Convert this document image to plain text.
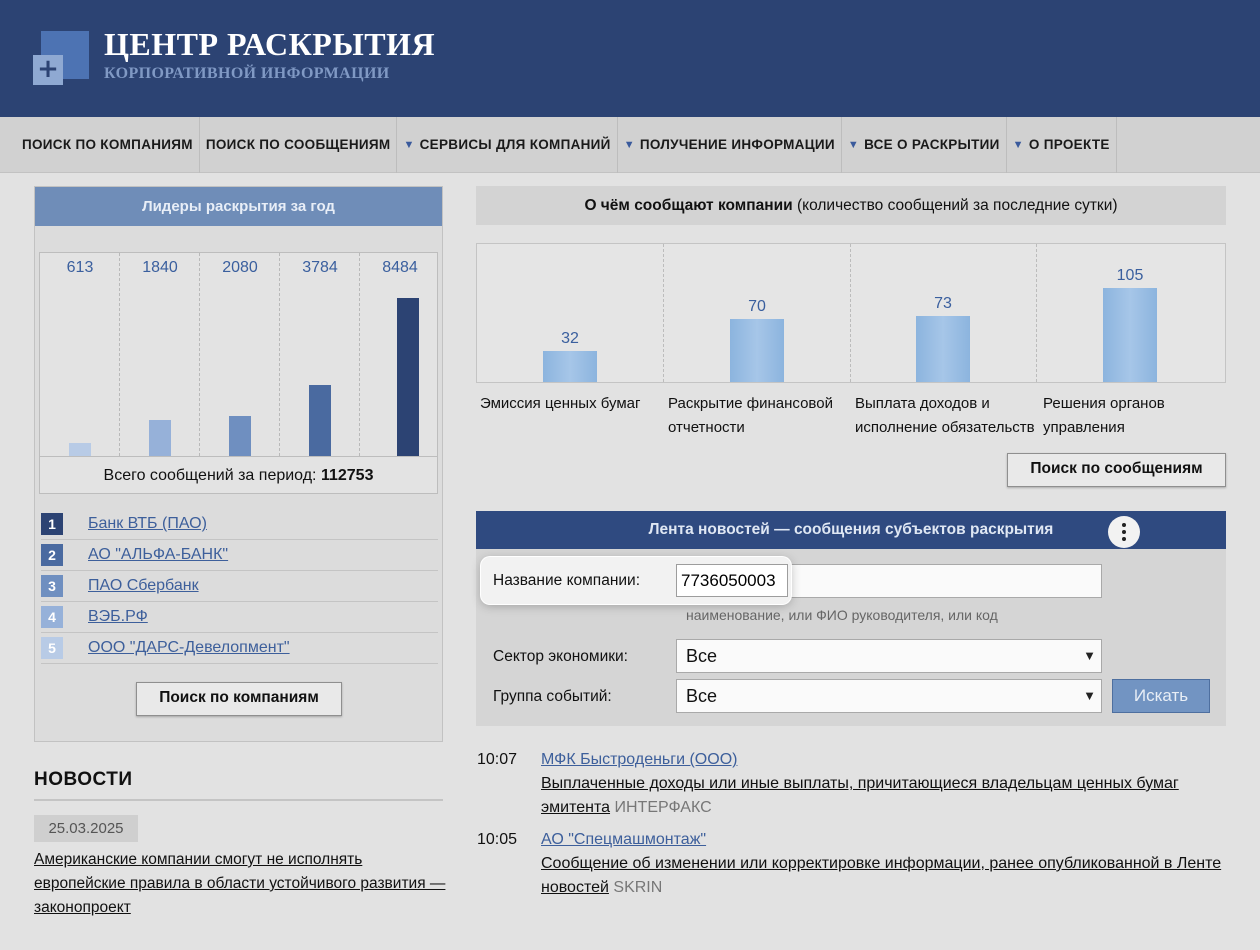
+
ЦЕНТР РАСКРЫТИЯ
КОРПОРАТИВНОЙ ИНФОРМАЦИИ
ПОИСК ПО КОМПАНИЯМ ПОИСК ПО СООБЩЕНИЯМ ▼ СЕРВИСЫ ДЛЯ КОМПАНИЙ ▼ ПОЛУЧЕНИЕ ИНФОРМАЦИИ ▼ ВСЕ О РАСКРЫТИИ ▼ О ПРОЕКТЕ
Лидеры раскрытия за год
Всего сообщений за период: 112753
613	1840	2080	3784	8484
1	Банк ВТБ (ПАО)
2	АО "АЛЬФА-БАНК"
3	ПАО Сбербанк
4	ВЭБ.РФ
5	ООО "ДАРС-Девелопмент"
Поиск по компаниям
НОВОСТИ
25.03.2025
Американские компании смогут не исполнять европейские правила в области устойчивого развития — законопроект
О чём сообщают компании (количество сообщений за последние сутки)
32
70	73
105
Эмиссия ценных бумаг Раскрытие финансовой
отчетности
Выплата доходов и
исполнение обязательств
Решения органов
управления
Поиск по сообщениям
Лента новостей — сообщения субъектов раскрытия
наименование, или ФИО руководителя, или код
Сектор экономики:	Все	▼
Группа событий:	Все	▼	Искать
Название компании: 7736050003
10:07 МФК Быстроденьги (ООО)
Выплаченные доходы или иные выплаты, причитающиеся владельцам ценных бумаг
эмитента ИНТЕРФАКС
10:05 АО "Спецмашмонтаж"
Сообщение об изменении или корректировке информации, ранее опубликованной в Ленте
новостей SKRIN
